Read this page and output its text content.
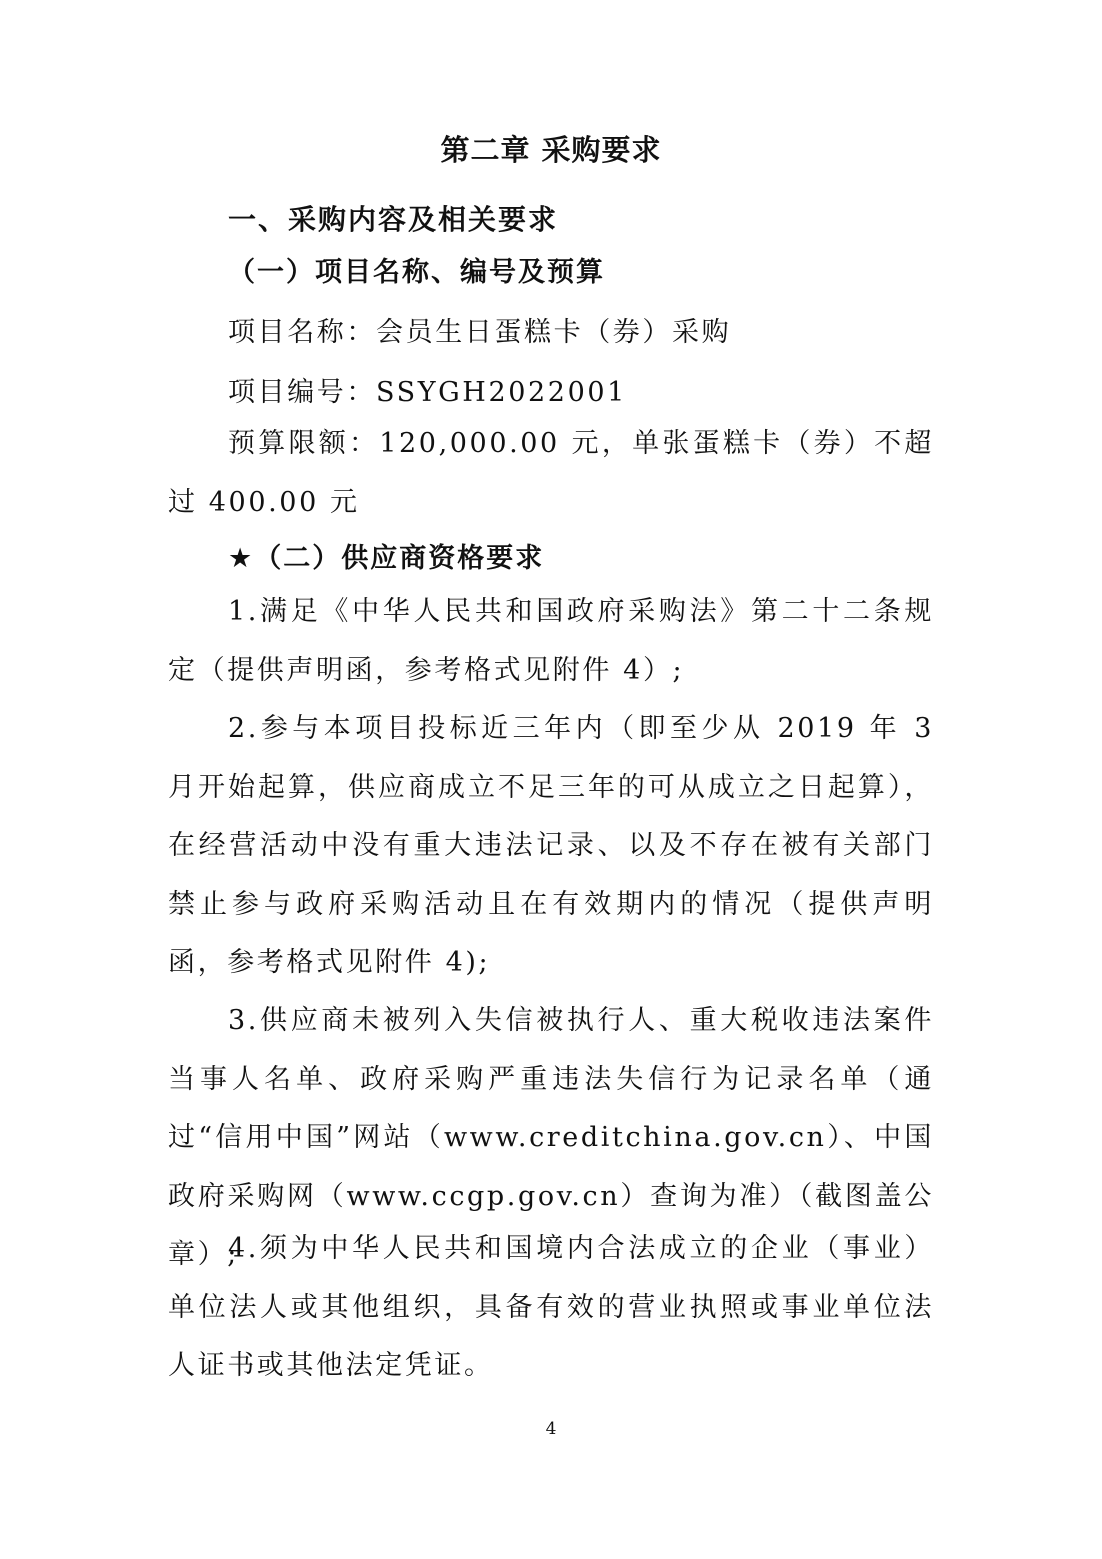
第二章 采购要求
一、采购内容及相关要求
（一）项目名称、编号及预算

项目名称：会员生日蛋糕卡（券）采购

项目编号：SSYGH2022001

预算限额：120,000.00 元，单张蛋糕卡（券）不超过 400.00 元

★（二）供应商资格要求

1.满足《中华人民共和国政府采购法》第二十二条规定（提供声明函，参考格式见附件 4）;

2.参与本项目投标近三年内（即至少从 2019 年 3 月开始起算，供应商成立不足三年的可从成立之日起算），在经营活动中没有重大违法记录、以及不存在被有关部门禁止参与政府采购活动且在有效期内的情况（提供声明函，参考格式见附件 4);

3.供应商未被列入失信被执行人、重大税收违法案件当事人名单、政府采购严重违法失信行为记录名单（通过“信用中国”网站（www.creditchina.gov.cn）、中国政府采购网（www.ccgp.gov.cn）查询为准）（截图盖公章）;

4.须为中华人民共和国境内合法成立的企业（事业）单位法人或其他组织，具备有效的营业执照或事业单位法人证书或其他法定凭证。

4
